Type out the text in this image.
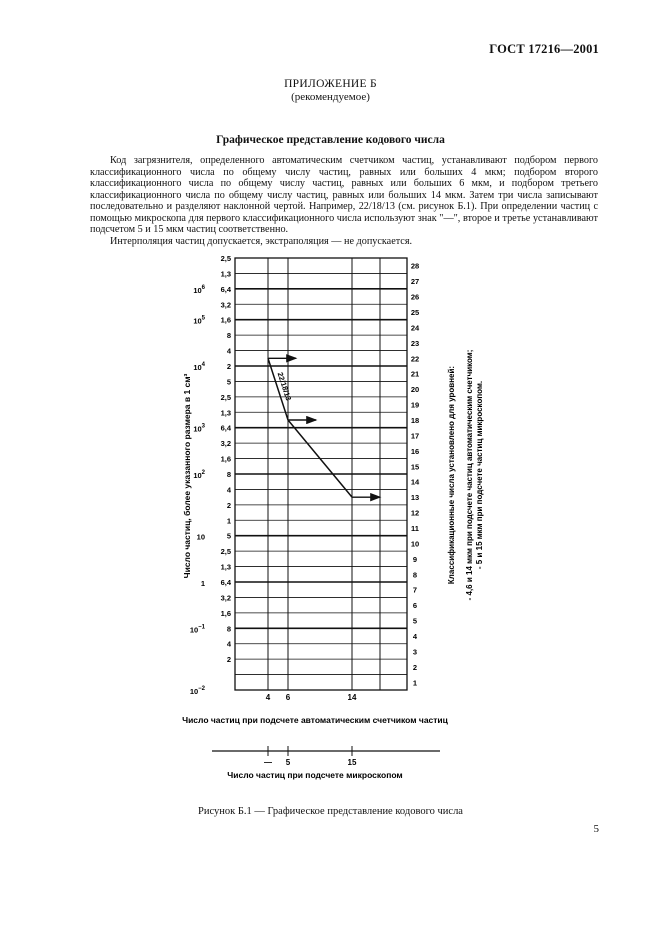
ГОСТ 17216—2001
ПРИЛОЖЕНИЕ Б
(рекомендуемое)
Графическое представление кодового числа

Код загрязнителя, определенного автоматическим счетчиком частиц, устанавливают подбором первого классификационного числа по общему числу частиц, равных или больших 4 мкм; подбором второго классификационного числа по общему числу частиц, равных или больших 6 мкм, и подбором третьего классификационного числа по общему числу частиц, равных или больших 14 мкм. Затем три числа записывают последовательно и разделяют наклонной чертой. Например, 22/18/13 (см. рисунок Б.1). При определении частиц с помощью микроскопа для первого классификационного числа используют знак "—", второе и третье устанавливают подсчетом 5 и 15 мкм частиц соответственно.

Интерполяция частиц допускается, экстраполяция — не допускается.

2,5
1,3
6,4
3,2
1,6
8
4
2
5
2,5
1,3
6,4
3,2
1,6
8
4
2
1
5
2,5
1,3
6,4
3,2
1,6
8
4
2
$10^6$
$10^5$
$10^4$
$10^3$
$10^2$
10
1
$10^{-1}$
$10^{-2}$
28
27
26
25
24
23
22
21
20
19
18
17
16
15
14
13
12
11
10
9
8
7
6
5
4
3
2
1
4 6	14
22/18/13
Число частиц, более указанного размера в 1 см³	Классификационные числа установлено для уровней: - 4,6 и 14 мкм при подсчете частиц автоматическим счетчиком; - 5 и 15 мкм при подсчете частиц микроскопом.
Число частиц при подсчете автоматическим счетчиком частиц
— 5	15
Число частиц при подсчете микроскопом
Рисунок Б.1 — Графическое представление кодового числа
5
